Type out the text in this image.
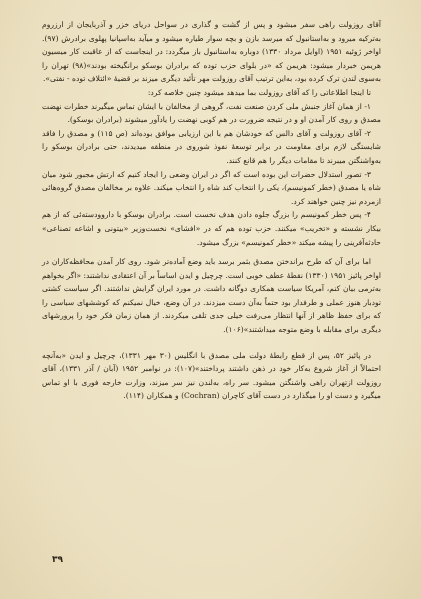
آقای روزولت راهی سفر میشود و پس از گشت و گذاری در سواحل دریای خزر و آذربایجان از ارزروم به‌ترکیه میرود و به‌استانبول که میرسد بازن و بچه سوار طیاره میشود و میآید به‌اسپانیا پهلوی برادرش (۹۷). اواخر ژوئیه ۱۹۵۱ (اوایل مرداد ۱۳۳۰) دوباره به‌استانبول باز میگردد: در اینجاست که از عاقبت کار میسیون هریمن خبردار میشود: هریمن که «در بلوای حزب توده که برادران بوسکو برانگیخته بودند»(۹۸) تهران را به‌سوی لندن ترک کرده بود، به‌این ترتیب آقای روزولت مهر تأئید دیگری میزند بر قضیهٔ «ائتلاف توده - نفتی».

تا اینجا اطلاعاتی را که آقای روزولت بما میدهد میشود چنین خلاصه کرد:

۱- از همان آغاز جنبش ملی کردن صنعت نفت، گروهی از مخالفان با ایشان تماس میگیرند خطرات نهضت مصدق و روی کار آمدن او و در نتیجه ضرورت در هم کوبی نهضت را یادآور میشوند (برادران بوسکو).

۲- آقای روزولت و آقای دالس که خودشان هم با این ارزیابی موافق بوده‌اند (ص ۱۱۵) و مصدق را فاقد شایستگی لازم برای مقاومت در برابر توسعهٔ نفوذ شوروی در منطقه میدیدند، حتی برادران بوسکو را به‌واشنگتن میبرند تا مقامات دیگر را هم قانع کنند.

۳- تصور استدلال حضرات این بوده است که اگر در ایران وضعی را ایجاد کنیم که ارتش مجبور شود میان شاه یا مصدق (خطر کمونیسم)، یکی را انتخاب کند شاه را انتخاب میکند. علاوه بر مخالفان مصدق گروه‌هائی ازمردم نیز چنین خواهند کرد.

۴- پس خطر کمونیسم را بزرگ جلوه دادن هدف نخست است. برادران بوسکو با داروودسته‌ئی که از هم بیکار نشسته و «تخریب» میکنند. حزب توده هم که در «افشای» نخست‌وزیر «بیتونی و اشاعه تصناعی» حادثه‌آفرینی را پیشه میکند «خطر کمونیسم» بزرگ میشود.

اما برای آن که طرح براندختن مصدق بثمر برسد باید وضع آماده‌تر شود. روی کار آمدن محافظه‌کاران در اواخر پائیز ۱۹۵۱ (۱۳۳۰) نقطهٔ عطف خوبی است. چرچیل و ایدن اساساً بر آن اعتقادی نداشتند: «اگر بخواهم به‌ترمی بیان کنم، آمریکا سیاست همکاری دوگانه داشت. در مورد ایران گرایش نداشتند. اگر سیاست کشتی تودبار هنوز عملی و طرفدار بود حتماً به‌آن دست میزدند. در آن وضع، خیال نمیکنم که کوششهای سیاسی را که برای حفظ ظاهر از آنها انتظار می‌رفت خیلی جدی تلقی میکردند. از همان زمان فکر خود را پرورشهای دیگری برای مقابله با وضع متوجه میداشتند»(۱۰۶).

در پائیز ۵۲، پس از قطع رابطهٔ دولت ملی مصدق با انگلیس (۳۰ مهر ۱۳۳۱)، چرچیل و ایدن «به‌آنچه احتمالاً از آغاز شروع به‌کار خود در ذهن داشتند پرداختند»(۱۰۷): در نوامبر ۱۹۵۲ (آبان / آذر ۱۳۳۱)، آقای روزولت ازتهران راهی واشنگتن میشود. سر راه، به‌لندن نیز سر میزند، وزارت خارجه فوری با او تماس میگیرد و دست او را میگذارد در دست آقای کاچران (Cochran) و همکاران (۱۱۴).

۳۹
